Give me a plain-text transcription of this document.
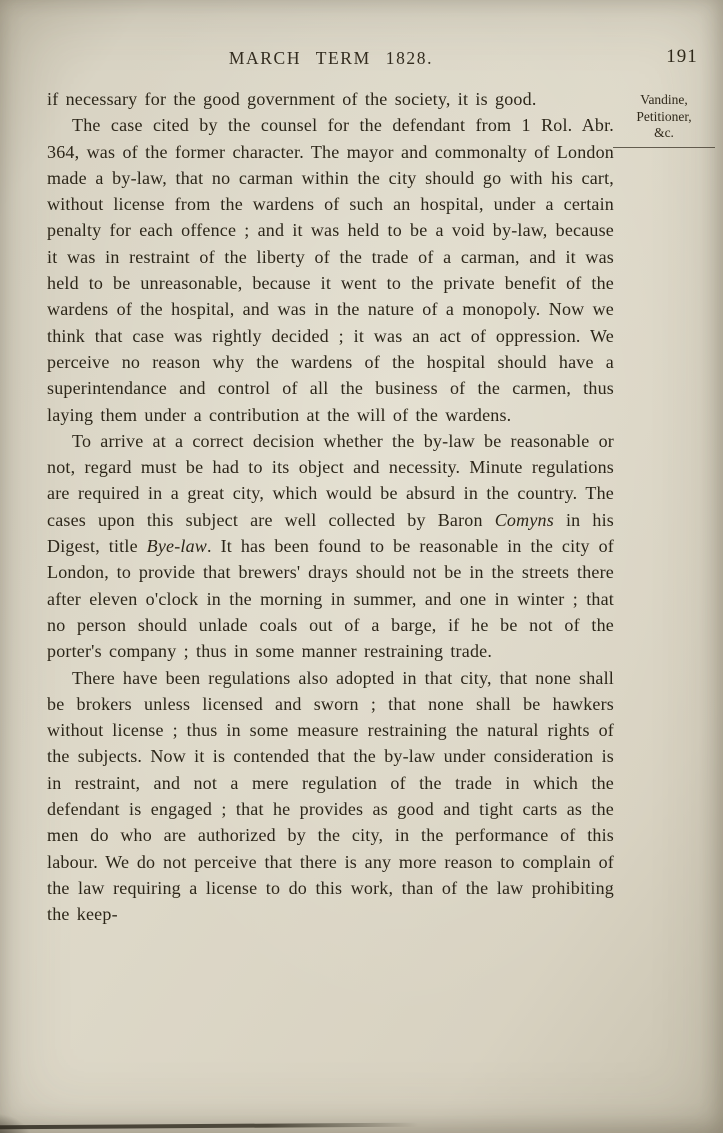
MARCH TERM 1828.	191

if necessary for the good government of the society, it is good.

The case cited by the counsel for the defendant from 1 Rol. Abr. 364, was of the former character. The mayor and commonalty of London made a by-law, that no carman within the city should go with his cart, without license from the wardens of such an hospital, under a certain penalty for each offence ; and it was held to be a void by-law, because it was in restraint of the liberty of the trade of a carman, and it was held to be unreasonable, because it went to the private benefit of the wardens of the hospital, and was in the nature of a monopoly. Now we think that case was rightly decided ; it was an act of oppression. We perceive no reason why the wardens of the hospital should have a superintendance and control of all the business of the carmen, thus laying them under a contribution at the will of the wardens.

To arrive at a correct decision whether the by-law be reasonable or not, regard must be had to its object and necessity. Minute regulations are required in a great city, which would be absurd in the country. The cases upon this subject are well collected by Baron Comyns in his Digest, title Bye-law. It has been found to be reasonable in the city of London, to provide that brewers' drays should not be in the streets there after eleven o'clock in the morning in summer, and one in winter ; that no person should unlade coals out of a barge, if he be not of the porter's company ; thus in some manner restraining trade.

There have been regulations also adopted in that city, that none shall be brokers unless licensed and sworn ; that none shall be hawkers without license ; thus in some measure restraining the natural rights of the subjects. Now it is contended that the by-law under consideration is in restraint, and not a mere regulation of the trade in which the defendant is engaged ; that he provides as good and tight carts as the men do who are authorized by the city, in the performance of this labour. We do not perceive that there is any more reason to complain of the law requiring a license to do this work, than of the law prohibiting the keep-

Vandine,
Petitioner,
&c.
